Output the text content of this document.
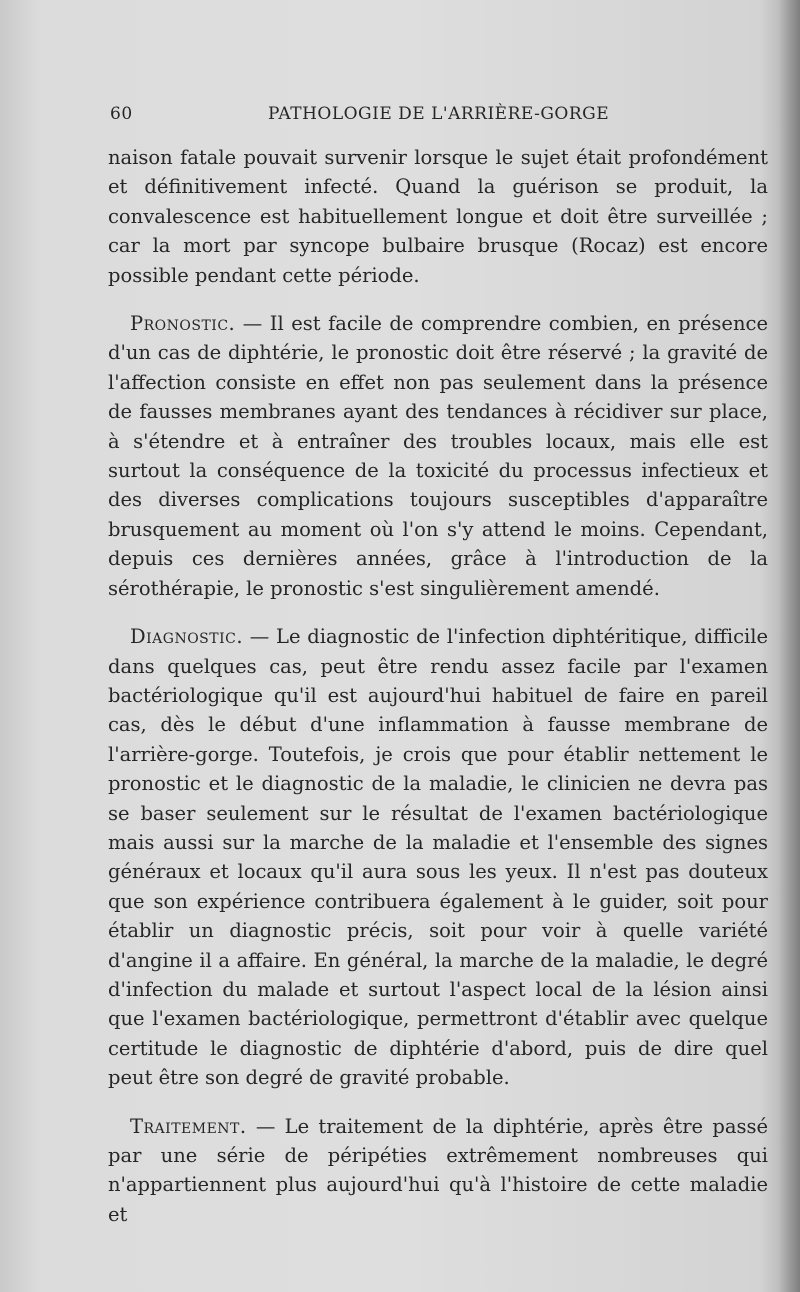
60	PATHOLOGIE DE L'ARRIÈRE-GORGE

naison fatale pouvait survenir lorsque le sujet était profondément et définitivement infecté. Quand la guérison se produit, la convalescence est habituellement longue et doit être surveillée ; car la mort par syncope bulbaire brusque (Rocaz) est encore possible pendant cette période.

Pronostic. — Il est facile de comprendre combien, en présence d'un cas de diphtérie, le pronostic doit être réservé ; la gravité de l'affection consiste en effet non pas seulement dans la présence de fausses membranes ayant des tendances à récidiver sur place, à s'étendre et à entraîner des troubles locaux, mais elle est surtout la conséquence de la toxicité du processus infectieux et des diverses complications toujours susceptibles d'apparaître brusquement au moment où l'on s'y attend le moins. Cependant, depuis ces dernières années, grâce à l'introduction de la sérothérapie, le pronostic s'est singulièrement amendé.

Diagnostic. — Le diagnostic de l'infection diphtéritique, difficile dans quelques cas, peut être rendu assez facile par l'examen bactériologique qu'il est aujourd'hui habituel de faire en pareil cas, dès le début d'une inflammation à fausse membrane de l'arrière-gorge. Toutefois, je crois que pour établir nettement le pronostic et le diagnostic de la maladie, le clinicien ne devra pas se baser seulement sur le résultat de l'examen bactériologique mais aussi sur la marche de la maladie et l'ensemble des signes généraux et locaux qu'il aura sous les yeux. Il n'est pas douteux que son expérience contribuera également à le guider, soit pour établir un diagnostic précis, soit pour voir à quelle variété d'angine il a affaire. En général, la marche de la maladie, le degré d'infection du malade et surtout l'aspect local de la lésion ainsi que l'examen bactériologique, permettront d'établir avec quelque certitude le diagnostic de diphtérie d'abord, puis de dire quel peut être son degré de gravité probable.

Traitement. — Le traitement de la diphtérie, après être passé par une série de péripéties extrêmement nombreuses qui n'appartiennent plus aujourd'hui qu'à l'histoire de cette maladie et
